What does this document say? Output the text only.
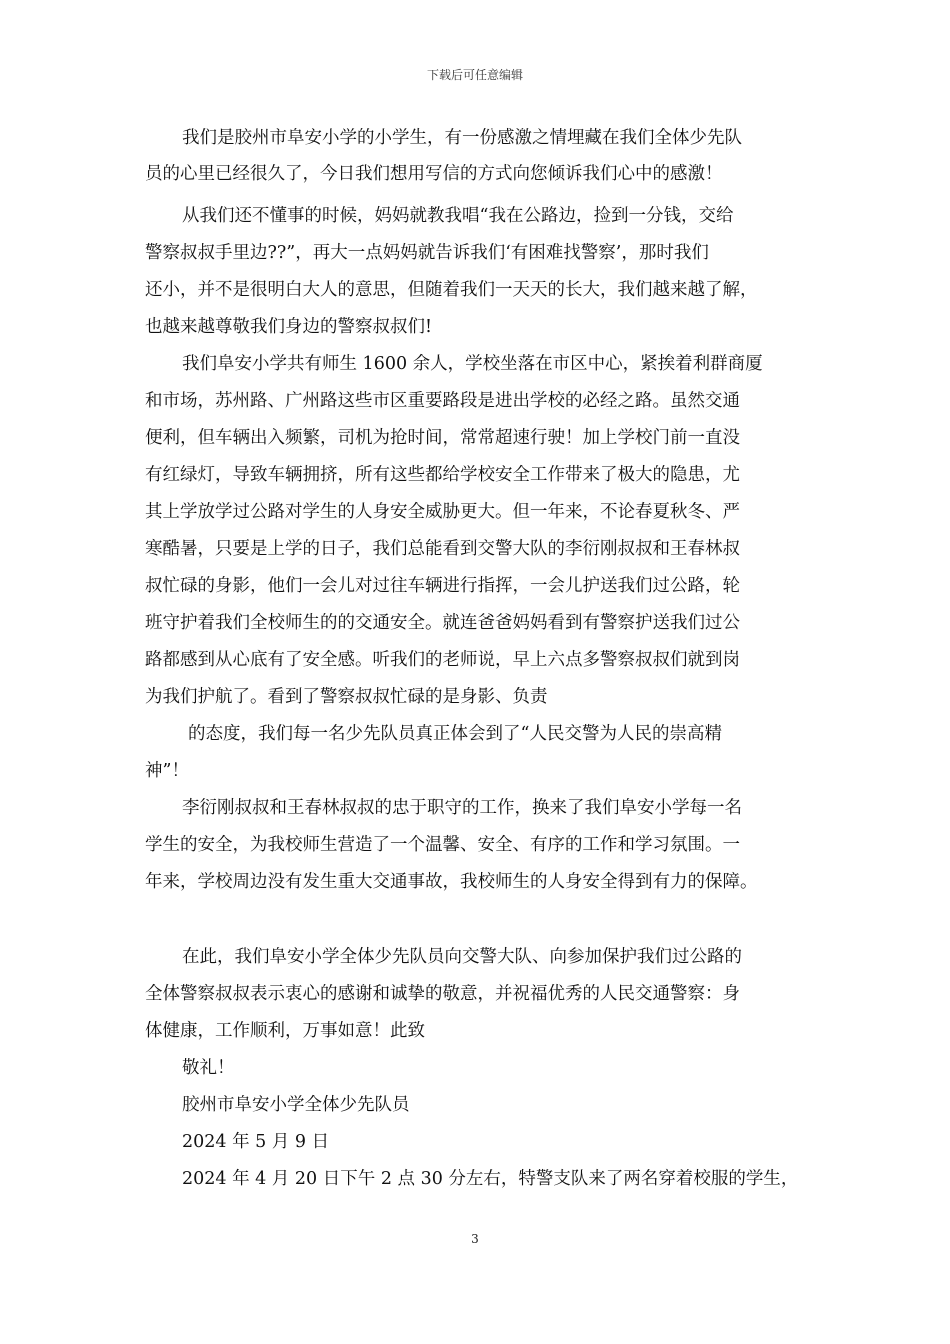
下载后可任意编辑
我们是胶州市阜安小学的小学生，有一份感激之情埋藏在我们全体少先队
员的心里已经很久了，今日我们想用写信的方式向您倾诉我们心中的感激！
从我们还不懂事的时候，妈妈就教我唱“我在公路边，捡到一分钱，交给
警察叔叔手里边??”，再大一点妈妈就告诉我们‘有困难找警察’，那时我们
还小，并不是很明白大人的意思，但随着我们一天天的长大，我们越来越了解，
也越来越尊敬我们身边的警察叔叔们!
我们阜安小学共有师生 1600 余人，学校坐落在市区中心，紧挨着利群商厦
和市场，苏州路、广州路这些市区重要路段是进出学校的必经之路。虽然交通
便利，但车辆出入频繁，司机为抢时间，常常超速行驶！加上学校门前一直没
有红绿灯，导致车辆拥挤，所有这些都给学校安全工作带来了极大的隐患，尤
其上学放学过公路对学生的人身安全威胁更大。但一年来，不论春夏秋冬、严
寒酷暑，只要是上学的日子，我们总能看到交警大队的李衍刚叔叔和王春林叔
叔忙碌的身影，他们一会儿对过往车辆进行指挥，一会儿护送我们过公路，轮
班守护着我们全校师生的的交通安全。就连爸爸妈妈看到有警察护送我们过公
路都感到从心底有了安全感。听我们的老师说，早上六点多警察叔叔们就到岗
为我们护航了。看到了警察叔叔忙碌的是身影、负责
的态度，我们每一名少先队员真正体会到了“人民交警为人民的崇高精
神”！
李衍刚叔叔和王春林叔叔的忠于职守的工作，换来了我们阜安小学每一名
学生的安全，为我校师生营造了一个温馨、安全、有序的工作和学习氛围。一
年来，学校周边没有发生重大交通事故，我校师生的人身安全得到有力的保障。
在此，我们阜安小学全体少先队员向交警大队、向参加保护我们过公路的
全体警察叔叔表示衷心的感谢和诚挚的敬意，并祝福优秀的人民交通警察：身
体健康，工作顺利，万事如意！此致
敬礼！
胶州市阜安小学全体少先队员
2024 年 5 月 9 日
2024 年 4 月 20 日下午 2 点 30 分左右，特警支队来了两名穿着校服的学生，
3
